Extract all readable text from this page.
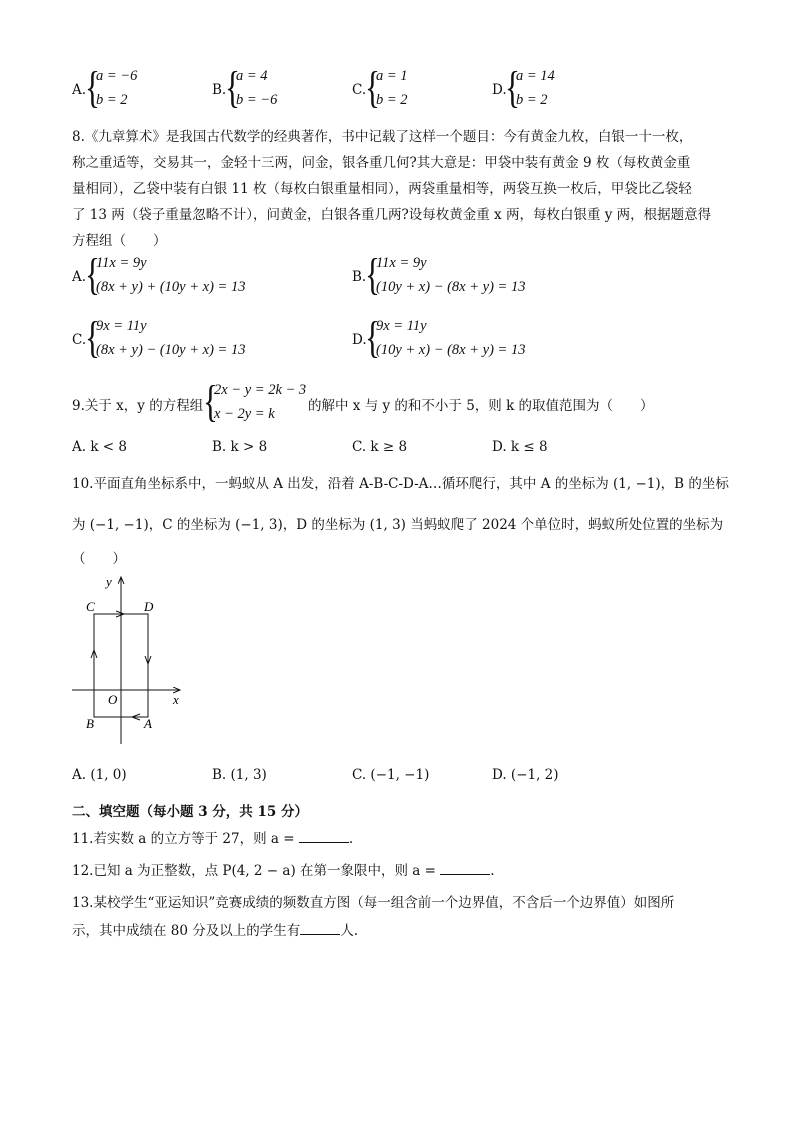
A. {
a = −6
b = 2
B.
{
a = 4
b = −6
C. {
a = 1
b = 2
D.
{
a = 14
b = 2
8.《九章算术》是我国古代数学的经典著作，书中记载了这样一个题目：今有黄金九枚，白银一十一枚，
称之重适等，交易其一，金轻十三两，问金，银各重几何?其大意是：甲袋中装有黄金 9 枚（每枚黄金重
量相同），乙袋中装有白银 11 枚（每枚白银重量相同），两袋重量相等，两袋互换一枚后，甲袋比乙袋轻
了 13 两（袋子重量忽略不计），问黄金，白银各重几两?设每枚黄金重 x 两，每枚白银重 y 两，根据题意得
方程组（　　）
A. {
11x = 9y
(8x + y) + (10y + x) = 13
B.
{
11x = 9y
(10y + x) − (8x + y) = 13
C. {
9x = 11y
(8x + y) − (10y + x) = 13
D.
{
9x = 11y
(10y + x) − (8x + y) = 13
9.关于 x，y 的方程组 {
2x − y = 2k − 3
x − 2y = k 的解中 x 与 y 的和不小于 5，则 k 的取值范围为（　　）
A. k < 8	B. k > 8	C. k ≥ 8	D. k ≤ 8
10.平面直角坐标系中，一蚂蚁从 A 出发，沿着 A-B-C-D-A…循环爬行，其中 A 的坐标为 (1, −1)，B 的坐标
为 (−1, −1)，C 的坐标为 (−1, 3)，D 的坐标为 (1, 3) 当蚂蚁爬了 2024 个单位时，蚂蚁所处位置的坐标为
（　　）
y
x
O
C	D
B	A
A. (1, 0)	B. (1, 3)	C. (−1, −1)	D. (−1, 2)
二、填空题（每小题 3 分，共 15 分）
11.若实数 a 的立方等于 27，则 a =	.
12.已知 a 为正整数，点 P(4, 2 − a) 在第一象限中，则 a =	.
13.某校学生“亚运知识”竞赛成绩的频数直方图（每一组含前一个边界值，不含后一个边界值）如图所
示，其中成绩在 80 分及以上的学生有	人.
